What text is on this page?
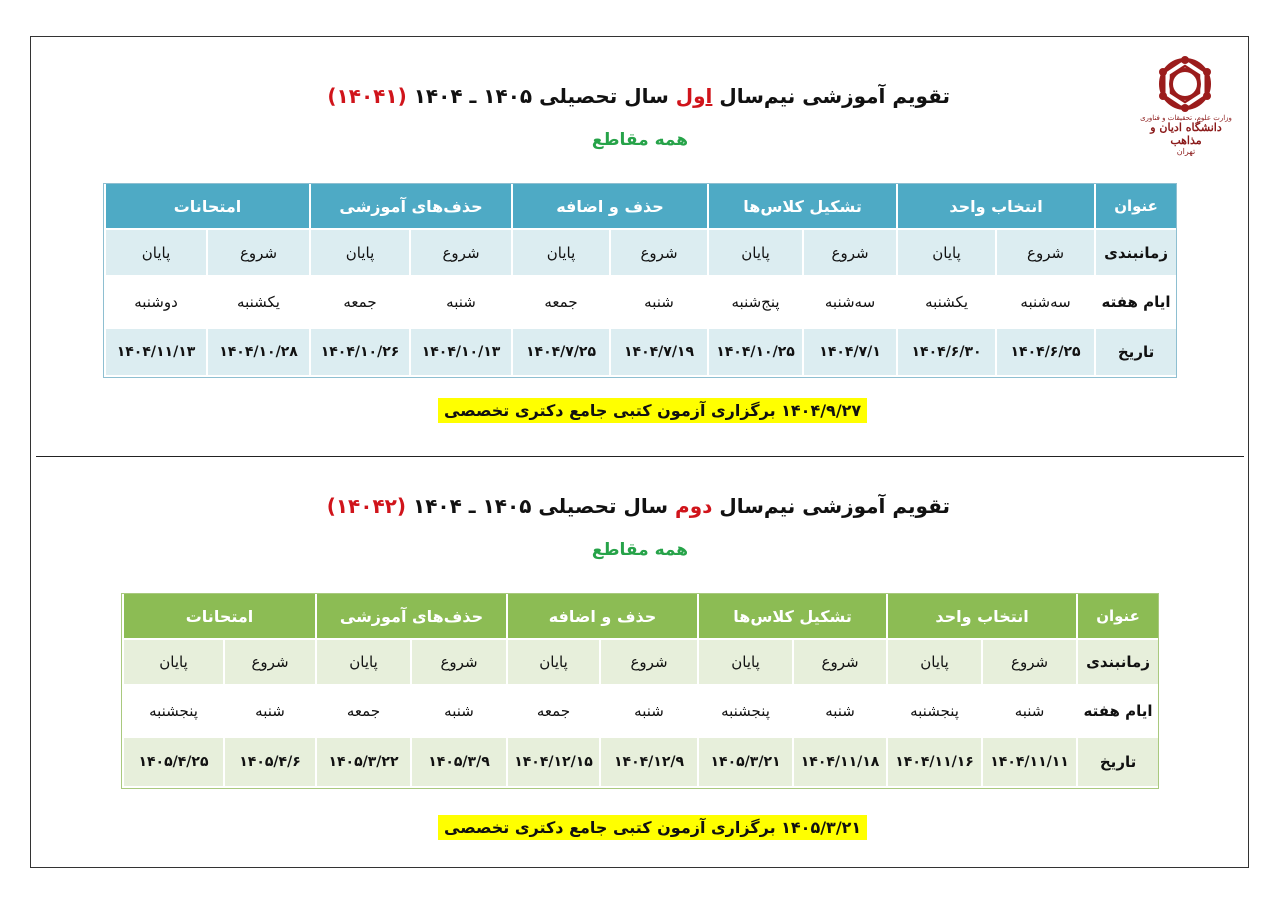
وزارت علوم، تحقیقات و فناوری
دانشگاه ادیان و مذاهب
تهران
تقویم آموزشی نیم‌سال اول سال تحصیلی ۱۴۰۵ ـ ۱۴۰۴ (۱۴۰۴۱)
همه مقاطع
عنوان	انتخاب واحد		تشکیل کلاس‌ها		حذف و اضافه		حذف‌های آموزشی		امتحانات	
زمانبندی	شروع	پایان	شروع	پایان	شروع	پایان	شروع	پایان	شروع	پایان
ایام هفته	سه‌شنبه	یکشنبه	سه‌شنبه	پنج‌شنبه	شنبه	جمعه	شنبه	جمعه	یکشنبه	دوشنبه
تاریخ	۱۴۰۴/۶/۲۵	۱۴۰۴/۶/۳۰	۱۴۰۴/۷/۱	۱۴۰۴/۱۰/۲۵	۱۴۰۴/۷/۱۹	۱۴۰۴/۷/۲۵	۱۴۰۴/۱۰/۱۳	۱۴۰۴/۱۰/۲۶	۱۴۰۴/۱۰/۲۸	۱۴۰۴/۱۱/۱۳
۱۴۰۴/۹/۲۷ برگزاری آزمون کتبی جامع دکتری تخصصی
تقویم آموزشی نیم‌سال دوم سال تحصیلی ۱۴۰۵ ـ ۱۴۰۴ (۱۴۰۴۲)
همه مقاطع
عنوان	انتخاب واحد		تشکیل کلاس‌ها		حذف و اضافه		حذف‌های آموزشی		امتحانات	
زمانبندی	شروع	پایان	شروع	پایان	شروع	پایان	شروع	پایان	شروع	پایان
ایام هفته	شنبه	پنجشنبه	شنبه	پنجشنبه	شنبه	جمعه	شنبه	جمعه	شنبه	پنجشنبه
تاریخ	۱۴۰۴/۱۱/۱۱	۱۴۰۴/۱۱/۱۶	۱۴۰۴/۱۱/۱۸	۱۴۰۵/۳/۲۱	۱۴۰۴/۱۲/۹	۱۴۰۴/۱۲/۱۵	۱۴۰۵/۳/۹	۱۴۰۵/۳/۲۲	۱۴۰۵/۴/۶	۱۴۰۵/۴/۲۵
۱۴۰۵/۳/۲۱ برگزاری آزمون کتبی جامع دکتری تخصصی
